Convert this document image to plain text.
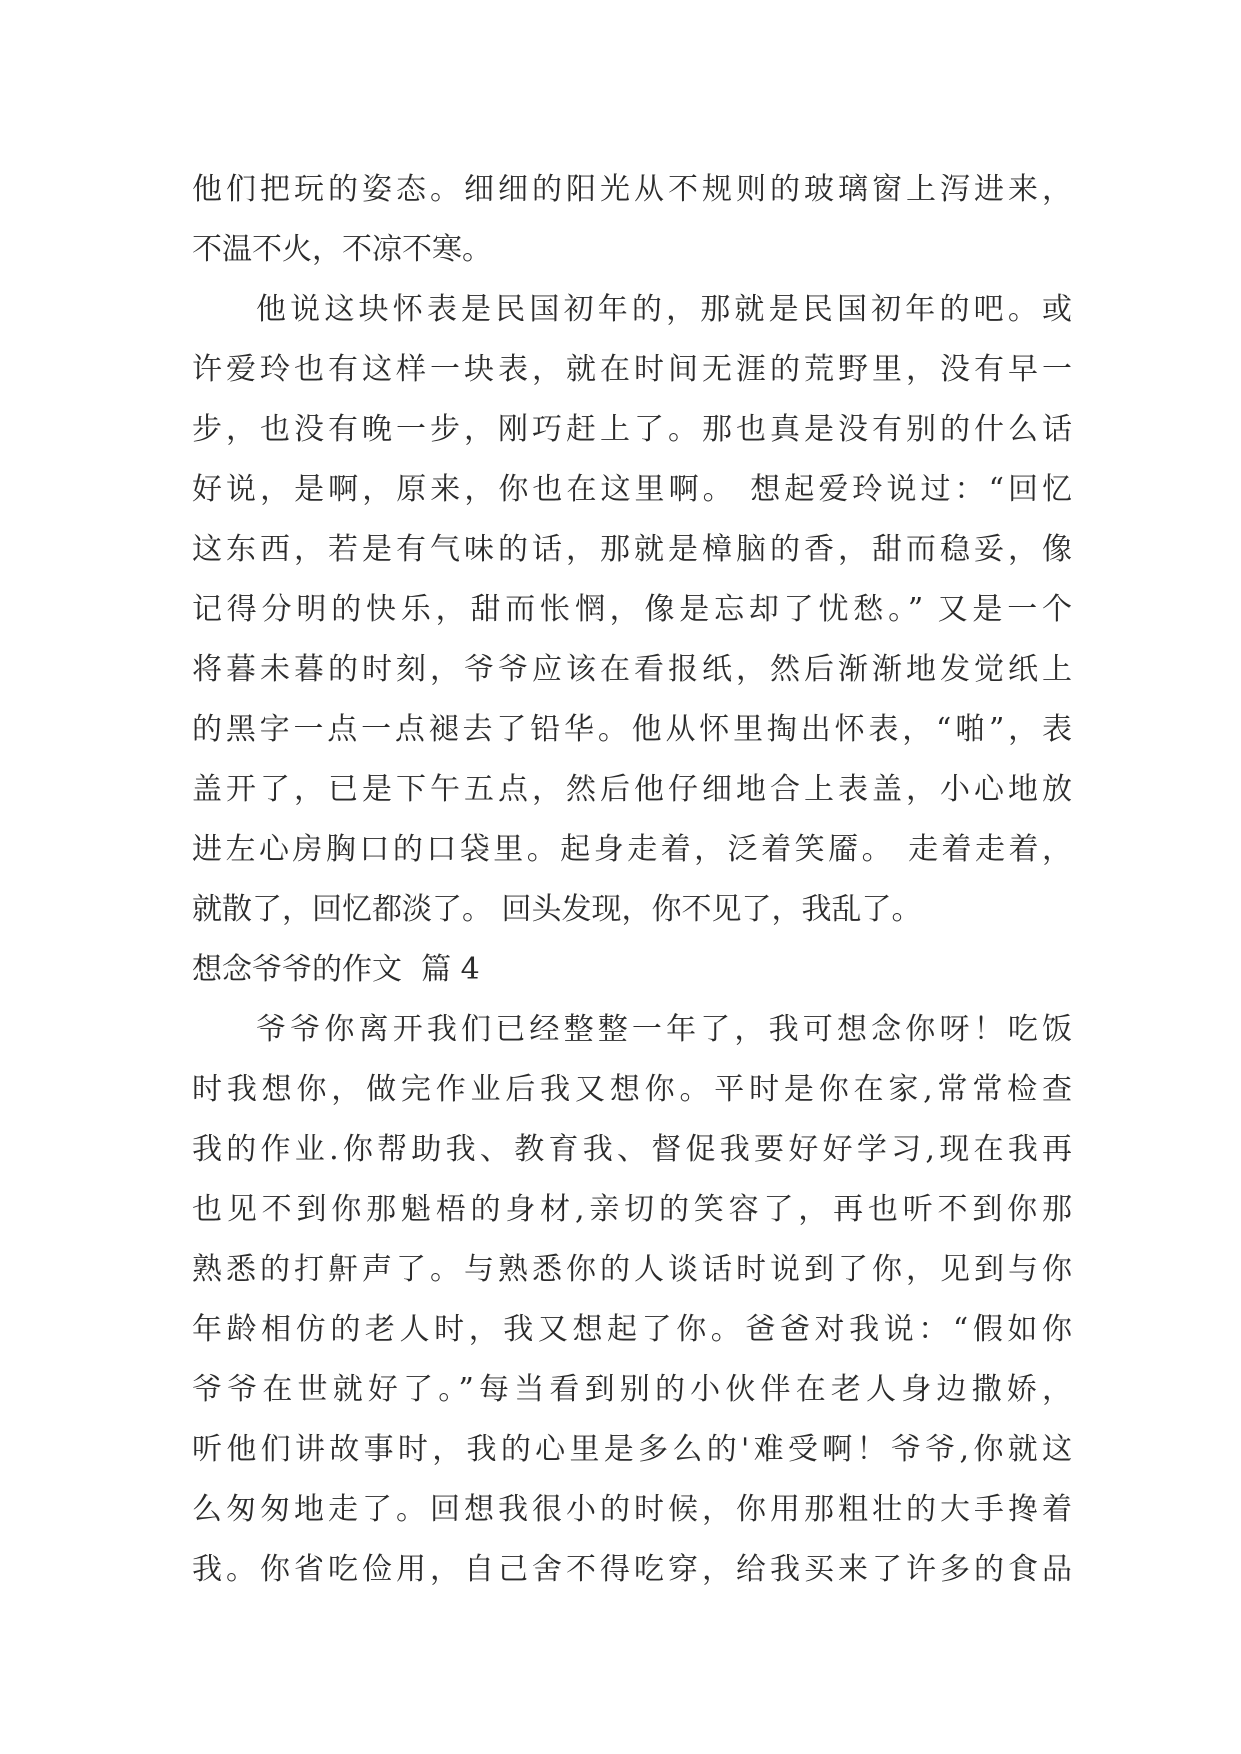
他们把玩的姿态。细细的阳光从不规则的玻璃窗上泻进来，
不温不火，不凉不寒。
他说这块怀表是民国初年的，那就是民国初年的吧。或
许爱玲也有这样一块表，就在时间无涯的荒野里，没有早一
步，也没有晚一步，刚巧赶上了。那也真是没有别的什么话
好说，是啊，原来，你也在这里啊。 想起爱玲说过：“回忆
这东西，若是有气味的话，那就是樟脑的香，甜而稳妥，像
记得分明的快乐，甜而怅惘，像是忘却了忧愁。” 又是一个
将暮未暮的时刻，爷爷应该在看报纸，然后渐渐地发觉纸上
的黑字一点一点褪去了铅华。他从怀里掏出怀表，“啪”，表
盖开了，已是下午五点，然后他仔细地合上表盖，小心地放
进左心房胸口的口袋里。起身走着，泛着笑靥。 走着走着，
就散了，回忆都淡了。 回头发现，你不见了，我乱了。
想念爷爷的作文  篇 4
爷爷你离开我们已经整整一年了，我可想念你呀！吃饭
时我想你，做完作业后我又想你。平时是你在家,常常检查
我的作业.你帮助我、教育我、督促我要好好学习,现在我再
也见不到你那魁梧的身材,亲切的笑容了，再也听不到你那
熟悉的打鼾声了。与熟悉你的人谈话时说到了你，见到与你
年龄相仿的老人时，我又想起了你。爸爸对我说：“假如你
爷爷在世就好了。”每当看到别的小伙伴在老人身边撒娇，
听他们讲故事时，我的心里是多么的'难受啊！爷爷,你就这
么匆匆地走了。回想我很小的时候，你用那粗壮的大手搀着
我。你省吃俭用，自己舍不得吃穿，给我买来了许多的食品
